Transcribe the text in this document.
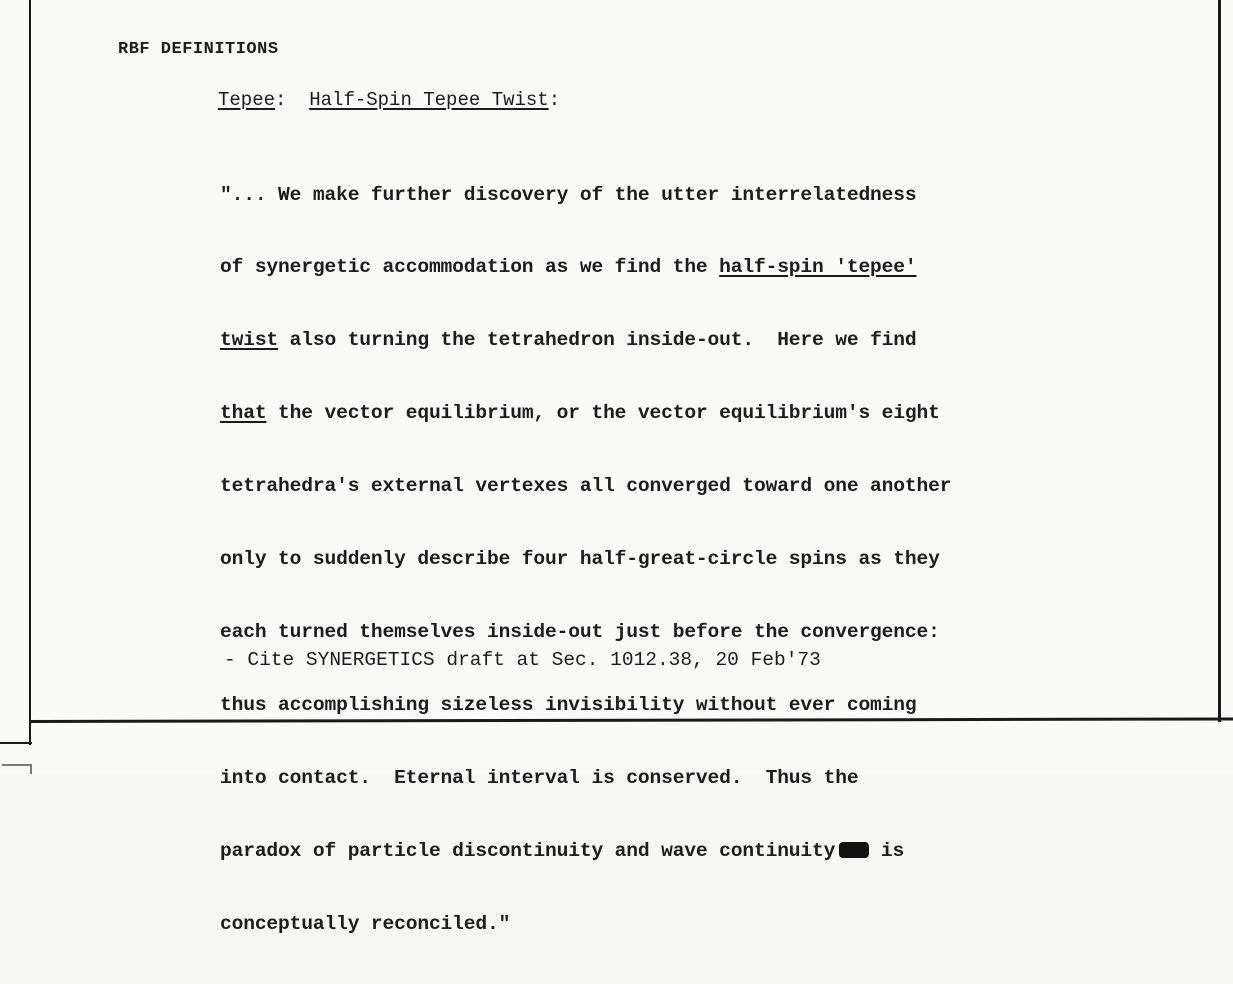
RBF DEFINITIONS
Tepee: Half-Spin Tepee Twist:

"... We make further discovery of the utter interrelatedness

of synergetic accommodation as we find the half-spin 'tepee'

twist also turning the tetrahedron inside-out.  Here we find

that the vector equilibrium, or the vector equilibrium's eight

tetrahedra's external vertexes all converged toward one another

only to suddenly describe four half-great-circle spins as they

each turned themselves inside-out just before the convergence:

thus accomplishing sizeless invisibility without ever coming

into contact.  Eternal interval is conserved.  Thus the

paradox of particle discontinuity and wave continuity is

conceptually reconciled."

- Cite SYNERGETICS draft at Sec. 1012.38, 20 Feb'73
